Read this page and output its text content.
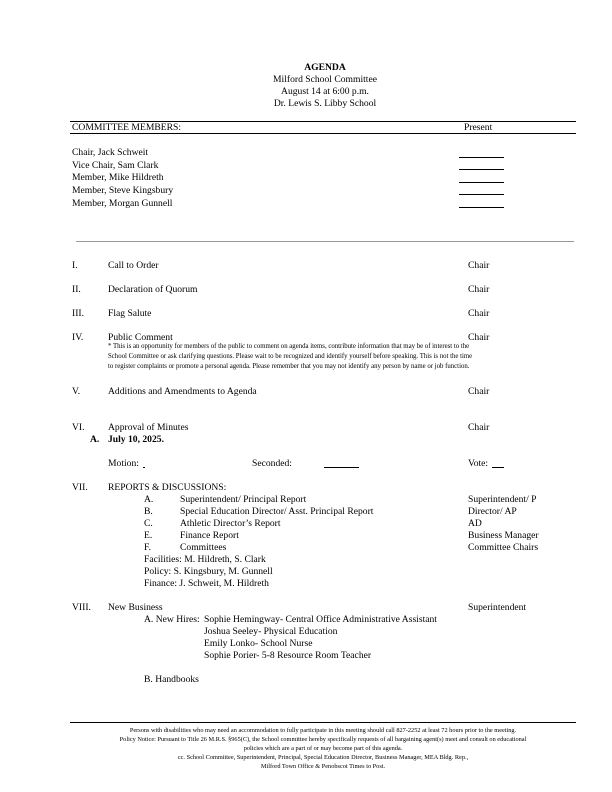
AGENDA
Milford School Committee
August 14 at 6:00 p.m.
Dr. Lewis S. Libby School
COMMITTEE MEMBERS:	Present
Chair, Jack Schweit
Vice Chair, Sam Clark
Member, Mike Hildreth
Member, Steve Kingsbury
Member, Morgan Gunnell
I.	Call to Order	Chair
II.	Declaration of Quorum	Chair
III.	Flag Salute	Chair
IV.	Public Comment	Chair
* This is an opportunity for members of the public to comment on agenda items, contribute information that may be of interest to the
School Committee or ask clarifying questions. Please wait to be recognized and identify yourself before speaking. This is not the time
to register complaints or promote a personal agenda. Please remember that you may not identify any person by name or job function.
V.	Additions and Amendments to Agenda	Chair
VI. Approval of Minutes	Chair
A. July 10, 2025.
Motion:	Seconded:	Vote:
VII. REPORTS & DISCUSSIONS:
A.	Superintendent/ Principal Report	Superintendent/ P
B.	Special Education Director/ Asst. Principal Report	Director/ AP
C.	Athletic Director’s Report	AD
E.	Finance Report	Business Manager
F.	Committees	Committee Chairs
Facilities: M. Hildreth, S. Clark
Policy: S. Kingsbury, M. Gunnell
Finance: J. Schweit, M. Hildreth
VIII. New Business	Superintendent
A. New Hires: Sophie Hemingway- Central Office Administrative Assistant
Joshua Seeley- Physical Education
Emily Lonko- School Nurse
Sophie Porier- 5-8 Resource Room Teacher
B. Handbooks
Persons with disabilities who may need an accommodation to fully participate in this meeting should call 827-2252 at least 72 hours prior to the meeting.
Policy Notice: Pursuant to Title 26 M.R.S. §965(C), the School committee hereby specifically requests of all bargaining agent(s) meet and consult on educational
policies which are a part of or may become part of this agenda.
cc. School Committee, Superintendent, Principal, Special Education Director, Business Manager, MEA Bldg. Rep.,
Milford Town Office & Penobscot Times to Post.
